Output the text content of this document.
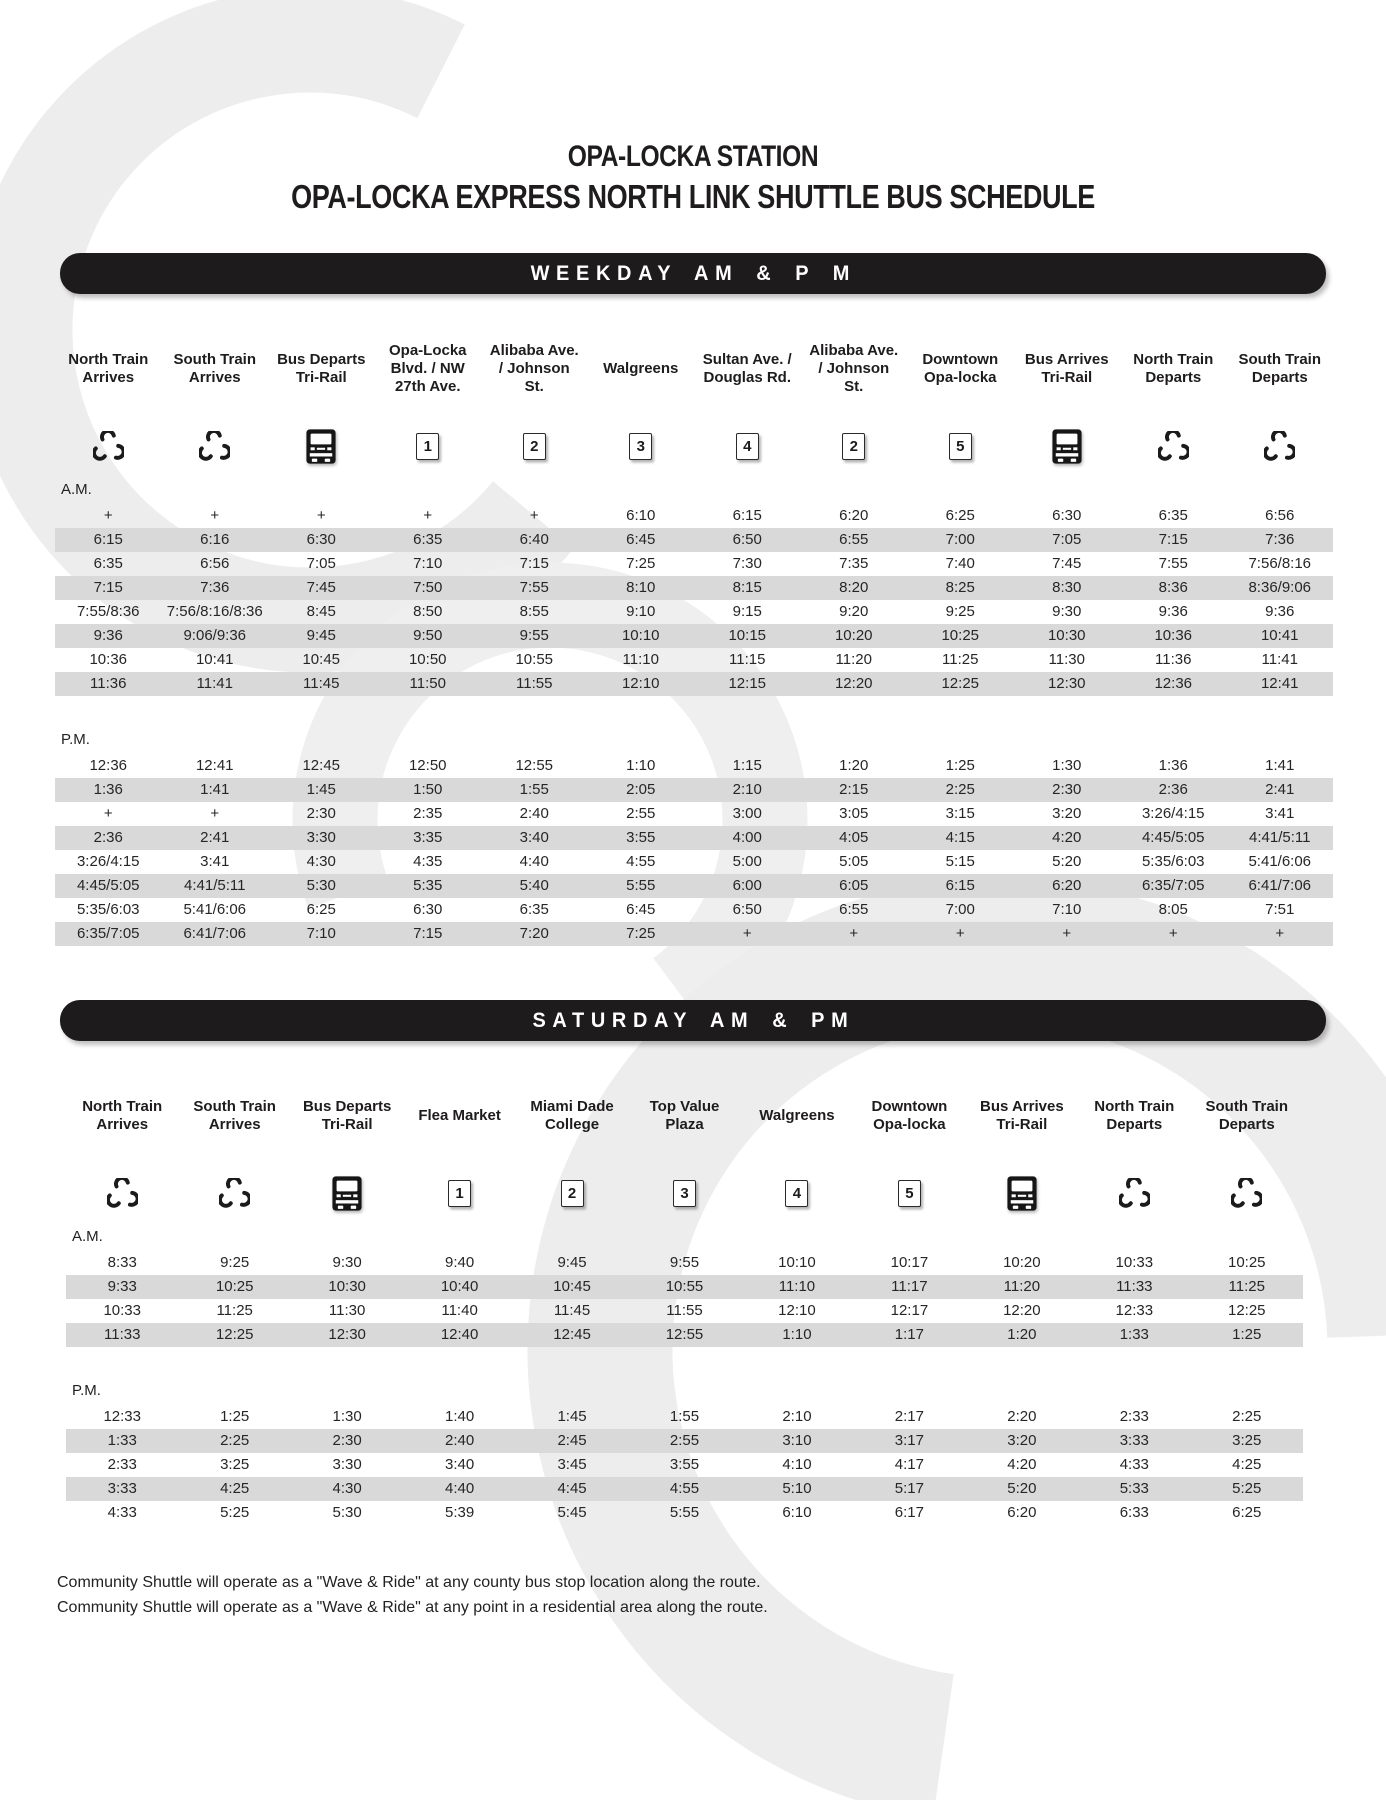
OPA-LOCKA STATION
OPA-LOCKA EXPRESS NORTH LINK SHUTTLE BUS SCHEDULE
WEEKDAY AM & P M
North Train Arrives	South Train Arrives	Bus Departs Tri-Rail	Opa-Locka Blvd. / NW 27th Ave.	Alibaba Ave. / Johnson St.	Walgreens	Sultan Ave. / Douglas Rd.	Alibaba Ave. / Johnson St.	Downtown Opa-locka	Bus Arrives Tri-Rail	North Train Departs	South Train Departs
			1	2	3	4	2	5			
A.M.											
+	+	+	+	+	6:10	6:15	6:20	6:25	6:30	6:35	6:56
6:15	6:16	6:30	6:35	6:40	6:45	6:50	6:55	7:00	7:05	7:15	7:36
6:35	6:56	7:05	7:10	7:15	7:25	7:30	7:35	7:40	7:45	7:55	7:56/8:16
7:15	7:36	7:45	7:50	7:55	8:10	8:15	8:20	8:25	8:30	8:36	8:36/9:06
7:55/8:36	7:56/8:16/8:36	8:45	8:50	8:55	9:10	9:15	9:20	9:25	9:30	9:36	9:36
9:36	9:06/9:36	9:45	9:50	9:55	10:10	10:15	10:20	10:25	10:30	10:36	10:41
10:36	10:41	10:45	10:50	10:55	11:10	11:15	11:20	11:25	11:30	11:36	11:41
11:36	11:41	11:45	11:50	11:55	12:10	12:15	12:20	12:25	12:30	12:36	12:41

P.M.											
12:36	12:41	12:45	12:50	12:55	1:10	1:15	1:20	1:25	1:30	1:36	1:41
1:36	1:41	1:45	1:50	1:55	2:05	2:10	2:15	2:25	2:30	2:36	2:41
+	+	2:30	2:35	2:40	2:55	3:00	3:05	3:15	3:20	3:26/4:15	3:41
2:36	2:41	3:30	3:35	3:40	3:55	4:00	4:05	4:15	4:20	4:45/5:05	4:41/5:11
3:26/4:15	3:41	4:30	4:35	4:40	4:55	5:00	5:05	5:15	5:20	5:35/6:03	5:41/6:06
4:45/5:05	4:41/5:11	5:30	5:35	5:40	5:55	6:00	6:05	6:15	6:20	6:35/7:05	6:41/7:06
5:35/6:03	5:41/6:06	6:25	6:30	6:35	6:45	6:50	6:55	7:00	7:10	8:05	7:51
6:35/7:05	6:41/7:06	7:10	7:15	7:20	7:25	+	+	+	+	+	+
SATURDAY AM & PM
North Train Arrives	South Train Arrives	Bus Departs Tri-Rail	Flea Market	Miami Dade College	Top Value Plaza	Walgreens	Downtown Opa-locka	Bus Arrives Tri-Rail	North Train Departs	South Train Departs
			1	2	3	4	5			
A.M.										
8:33	9:25	9:30	9:40	9:45	9:55	10:10	10:17	10:20	10:33	10:25
9:33	10:25	10:30	10:40	10:45	10:55	11:10	11:17	11:20	11:33	11:25
10:33	11:25	11:30	11:40	11:45	11:55	12:10	12:17	12:20	12:33	12:25
11:33	12:25	12:30	12:40	12:45	12:55	1:10	1:17	1:20	1:33	1:25

P.M.										
12:33	1:25	1:30	1:40	1:45	1:55	2:10	2:17	2:20	2:33	2:25
1:33	2:25	2:30	2:40	2:45	2:55	3:10	3:17	3:20	3:33	3:25
2:33	3:25	3:30	3:40	3:45	3:55	4:10	4:17	4:20	4:33	4:25
3:33	4:25	4:30	4:40	4:45	4:55	5:10	5:17	5:20	5:33	5:25
4:33	5:25	5:30	5:39	5:45	5:55	6:10	6:17	6:20	6:33	6:25

Community Shuttle will operate as a "Wave & Ride" at any county bus stop location along the route.

Community Shuttle will operate as a "Wave & Ride" at any point in a residential area along the route.
